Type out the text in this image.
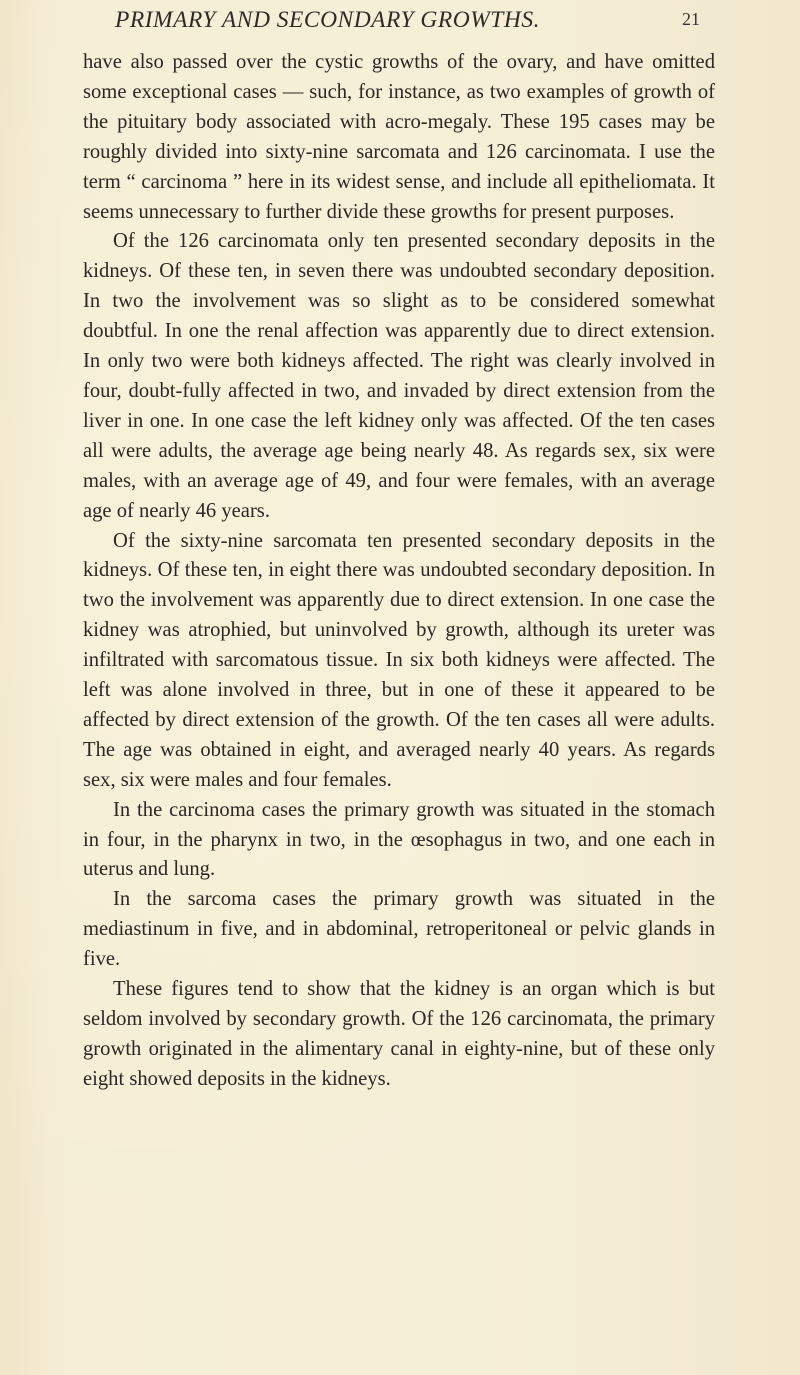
PRIMARY AND SECONDARY GROWTHS.	21

have also passed over the cystic growths of the ovary, and have omitted some exceptional cases — such, for instance, as two examples of growth of the pituitary body associated with acro-megaly. These 195 cases may be roughly divided into sixty-nine sarcomata and 126 carcinomata. I use the term “ carcinoma ” here in its widest sense, and include all epitheliomata. It seems unnecessary to further divide these growths for present purposes.

Of the 126 carcinomata only ten presented secondary deposits in the kidneys. Of these ten, in seven there was undoubted secondary deposition. In two the involvement was so slight as to be considered somewhat doubtful. In one the renal affection was apparently due to direct extension. In only two were both kidneys affected. The right was clearly involved in four, doubt-fully affected in two, and invaded by direct extension from the liver in one. In one case the left kidney only was affected. Of the ten cases all were adults, the average age being nearly 48. As regards sex, six were males, with an average age of 49, and four were females, with an average age of nearly 46 years.

Of the sixty-nine sarcomata ten presented secondary deposits in the kidneys. Of these ten, in eight there was undoubted secondary deposition. In two the involvement was apparently due to direct extension. In one case the kidney was atrophied, but uninvolved by growth, although its ureter was infiltrated with sarcomatous tissue. In six both kidneys were affected. The left was alone involved in three, but in one of these it appeared to be affected by direct extension of the growth. Of the ten cases all were adults. The age was obtained in eight, and averaged nearly 40 years. As regards sex, six were males and four females.

In the carcinoma cases the primary growth was situated in the stomach in four, in the pharynx in two, in the œsophagus in two, and one each in uterus and lung.

In the sarcoma cases the primary growth was situated in the mediastinum in five, and in abdominal, retroperitoneal or pelvic glands in five.

These figures tend to show that the kidney is an organ which is but seldom involved by secondary growth. Of the 126 carcinomata, the primary growth originated in the alimentary canal in eighty-nine, but of these only eight showed deposits in the kidneys.
